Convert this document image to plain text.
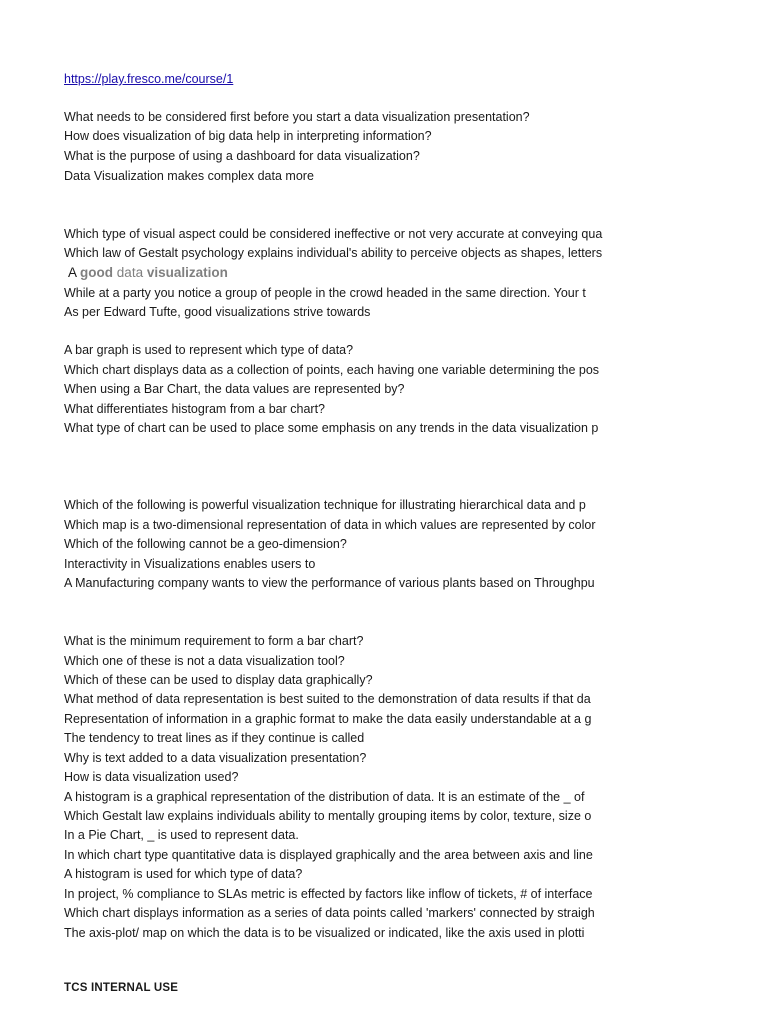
https://play.fresco.me/course/1
What needs to be considered first before you start a data visualization presentation?
How does visualization of big data help in interpreting information?
What is the purpose of using a dashboard for data visualization?
Data Visualization makes complex data more
Which type of visual aspect could be considered ineffective or not very accurate at conveying qua
Which law of Gestalt psychology explains individual's ability to perceive objects as shapes, letters
A good data visualization
While at a party you notice a group of people in the crowd headed in the same direction. Your t
As per Edward Tufte, good visualizations strive towards
A bar graph is used to represent which type of data?
Which chart displays data as a collection of points, each having one variable determining the pos
When using a Bar Chart, the data values are represented by?
What differentiates histogram from a bar chart?
What type of chart can be used to place some emphasis on any trends in the data visualization p
Which of the following is powerful visualization technique for illustrating hierarchical data and p
Which map is a two-dimensional representation of data in which values are represented by color
Which of the following cannot be a geo-dimension?
Interactivity in Visualizations enables users to
A Manufacturing company wants to view the performance of various plants based on Throughpu
What is the minimum requirement to form a bar chart?
Which one of these is not a data visualization tool?
Which of these can be used to display data graphically?
What method of data representation is best suited to the demonstration of data results if that da
Representation of information in a graphic format to make the data easily understandable at a g
The tendency to treat lines as if they continue is called
Why is text added to a data visualization presentation?
How is data visualization used?
A histogram is a graphical representation of the distribution of data. It is an estimate of the _ of
Which Gestalt law explains individuals ability to mentally grouping items by color, texture, size o
In a Pie Chart, _ is used to represent data.
In which chart type quantitative data is displayed graphically and the area between axis and line
A histogram is used for which type of data?
In project, % compliance to SLAs metric is effected by factors like inflow of tickets, # of interface
Which chart displays information as a series of data points called 'markers' connected by straigh
The axis-plot/ map on which the data is to be visualized or indicated, like the axis used in plotti
TCS INTERNAL USE
